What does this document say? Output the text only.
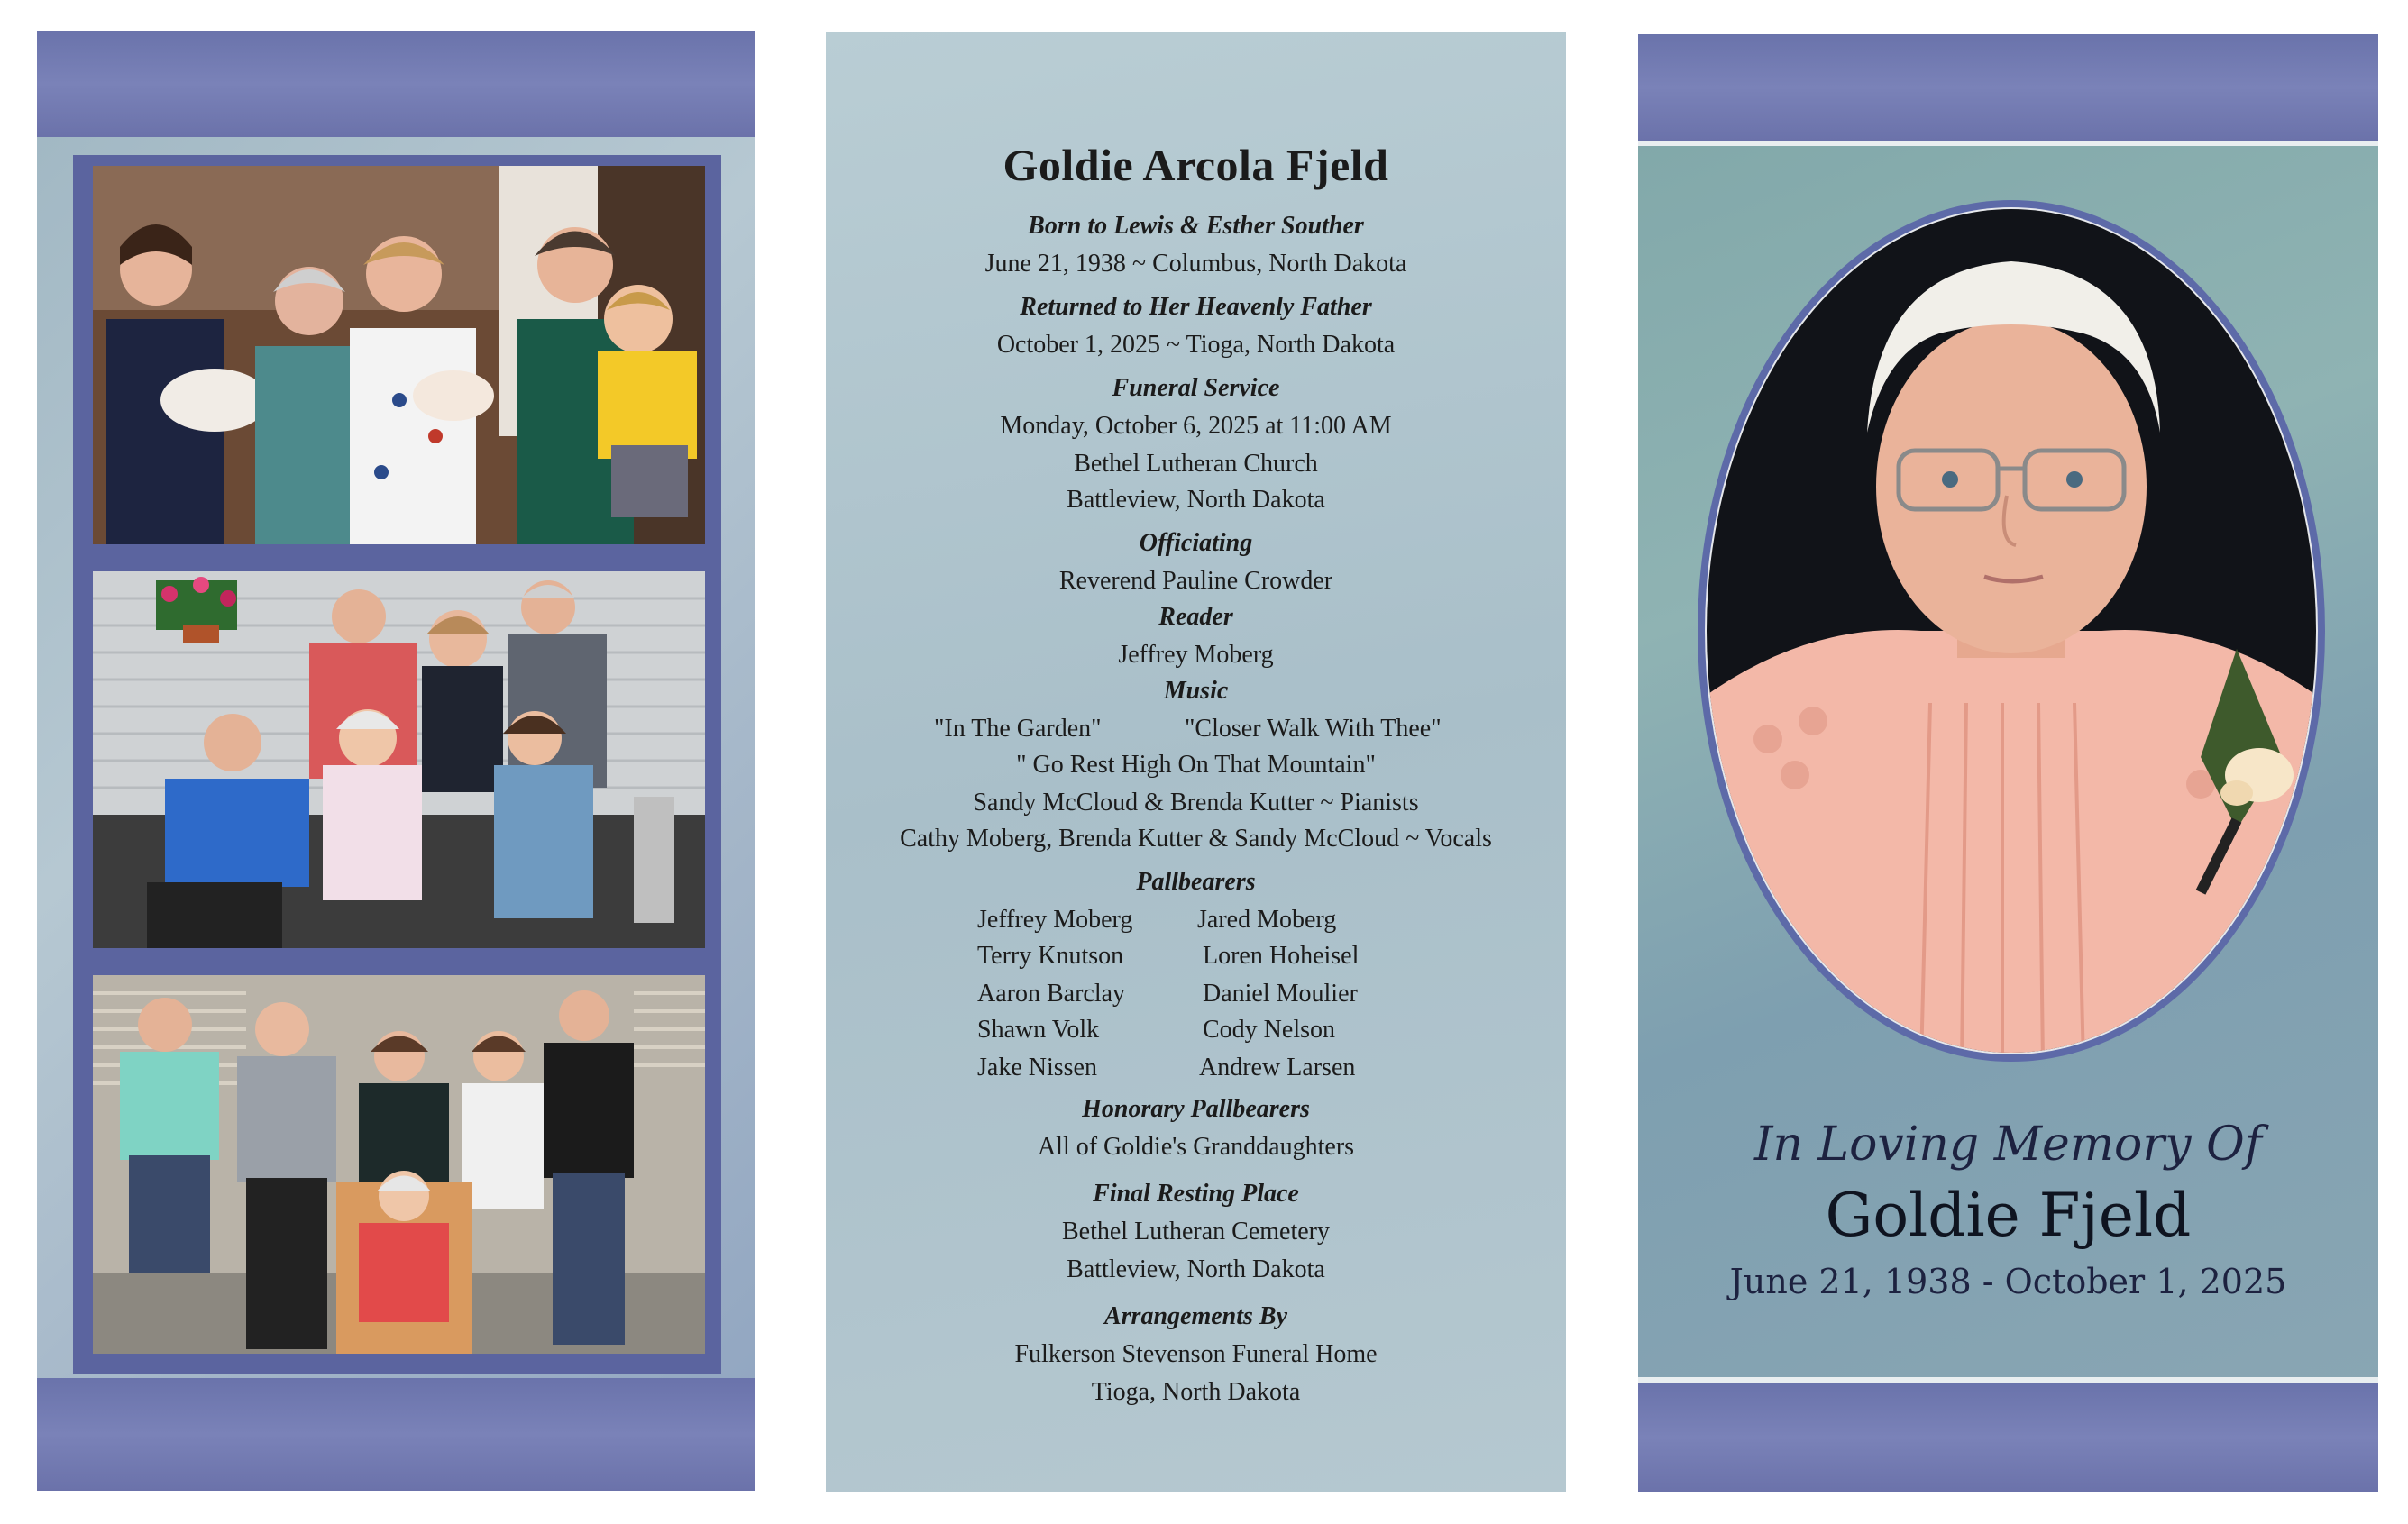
Goldie Arcola Fjeld
Born to Lewis & Esther Souther
June 21, 1938 ~ Columbus, North Dakota
Returned to Her Heavenly Father
October 1, 2025 ~ Tioga, North Dakota
Funeral Service
Monday, October 6, 2025 at 11:00 AM
Bethel Lutheran Church
Battleview, North Dakota
Officiating
Reverend Pauline Crowder
Reader
Jeffrey Moberg
Music
"In The Garden"	"Closer Walk With Thee"
" Go Rest High On That Mountain"
Sandy McCloud & Brenda Kutter ~ Pianists
Cathy Moberg, Brenda Kutter & Sandy McCloud ~ Vocals
Pallbearers
Jeffrey Moberg
Terry Knutson
Aaron Barclay
Shawn Volk
Jake Nissen
Jared Moberg
Loren Hoheisel
Daniel Moulier
Cody Nelson
Andrew Larsen
Honorary Pallbearers
All of Goldie's Granddaughters
Final Resting Place
Bethel Lutheran Cemetery
Battleview, North Dakota
Arrangements By
Fulkerson Stevenson Funeral Home
Tioga, North Dakota
In Loving Memory Of
Goldie Fjeld
June 21, 1938 - October 1, 2025
